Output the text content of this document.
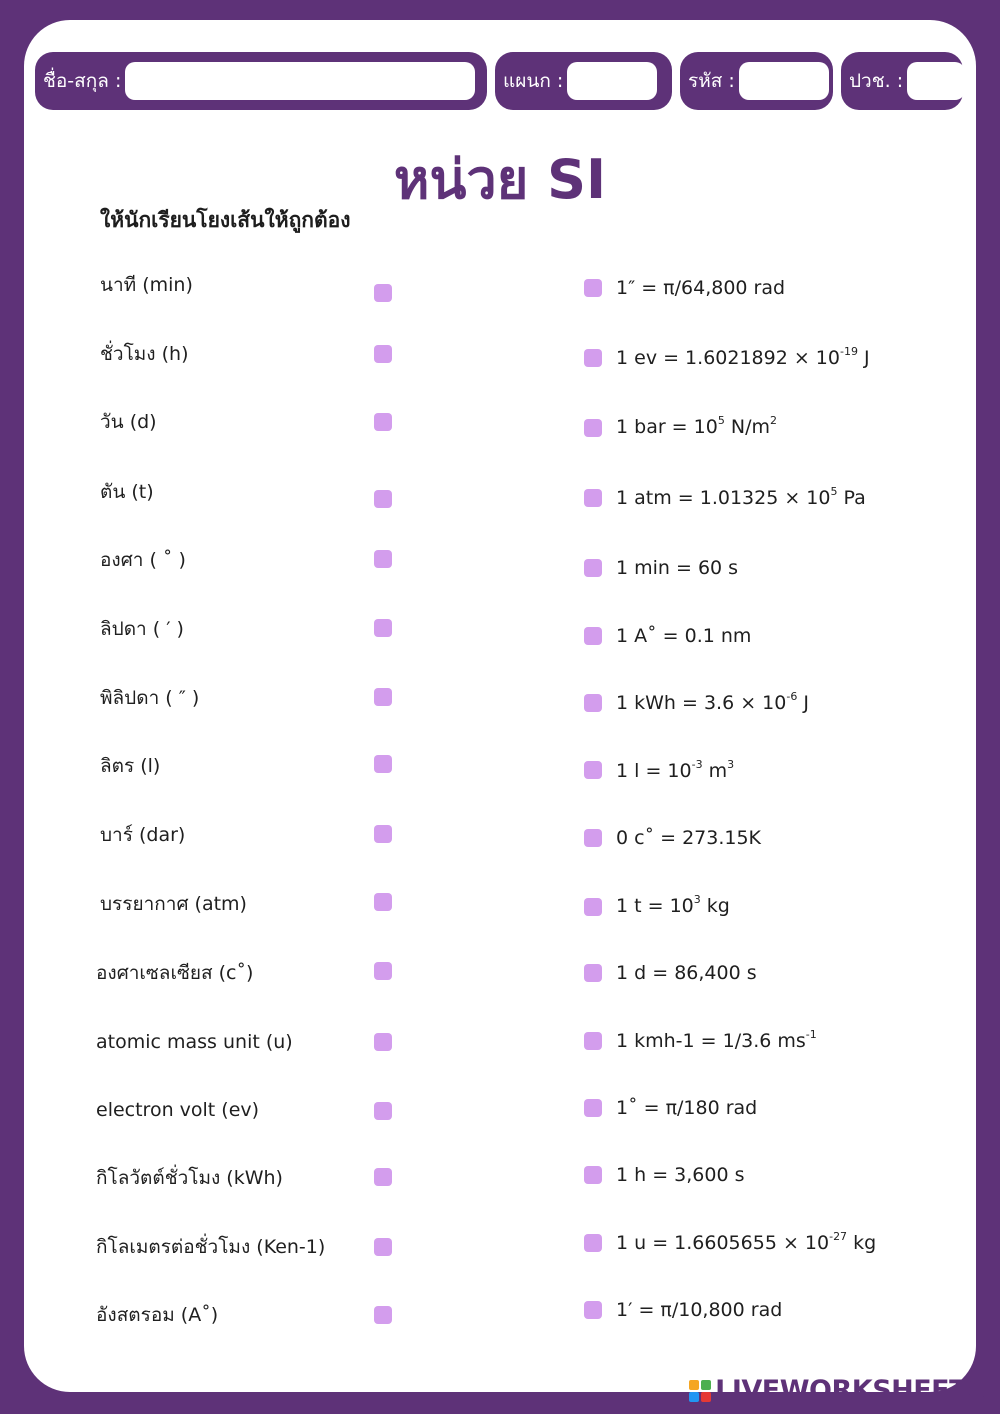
ชื่อ-สกุล :	แผนก :	รหัส :	ปวช. :
หน่วย SI
ให้นักเรียนโยงเส้นให้ถูกต้อง
นาที (min)
ชั่วโมง (h)
วัน (d)
ตัน (t)
องศา ( ˚ )
ลิปดา ( ′ )
พิลิปดา ( ″ )
ลิตร (l)
บาร์ (dar)
บรรยากาศ (atm)
องศาเซลเซียส (c˚)
atomic mass unit (u)
electron volt (ev)
กิโลวัตต์ชั่วโมง (kWh)
กิโลเมตรต่อชั่วโมง (Ken-1)
อังสตรอม (A˚)
1″ = π/64,800 rad
1 ev = $1.6021892 \times 10^{-19}$ J
1 bar = $10^5$ $N/m^2$
1 atm = $1.01325 \times 10^5$ Pa
1 min = 60 s
1 A˚ = 0.1 nm
1 kWh = $3.6 \times 10^{-6}$ J
1 $l = 10^{-3}$ $m^3$
0 c˚ = 273.15K
1 $t = 10^3$ kg
1 d = 86,400 s
1 kmh-1 = 1/3.6 $ms^{-1}$
1˚ = π/180 rad
1 h = 3,600 s
1 $u = 1.6605655 \times 10^{-27}$ kg
1′ = π/10,800 rad
LIVEWORKSHEETS
